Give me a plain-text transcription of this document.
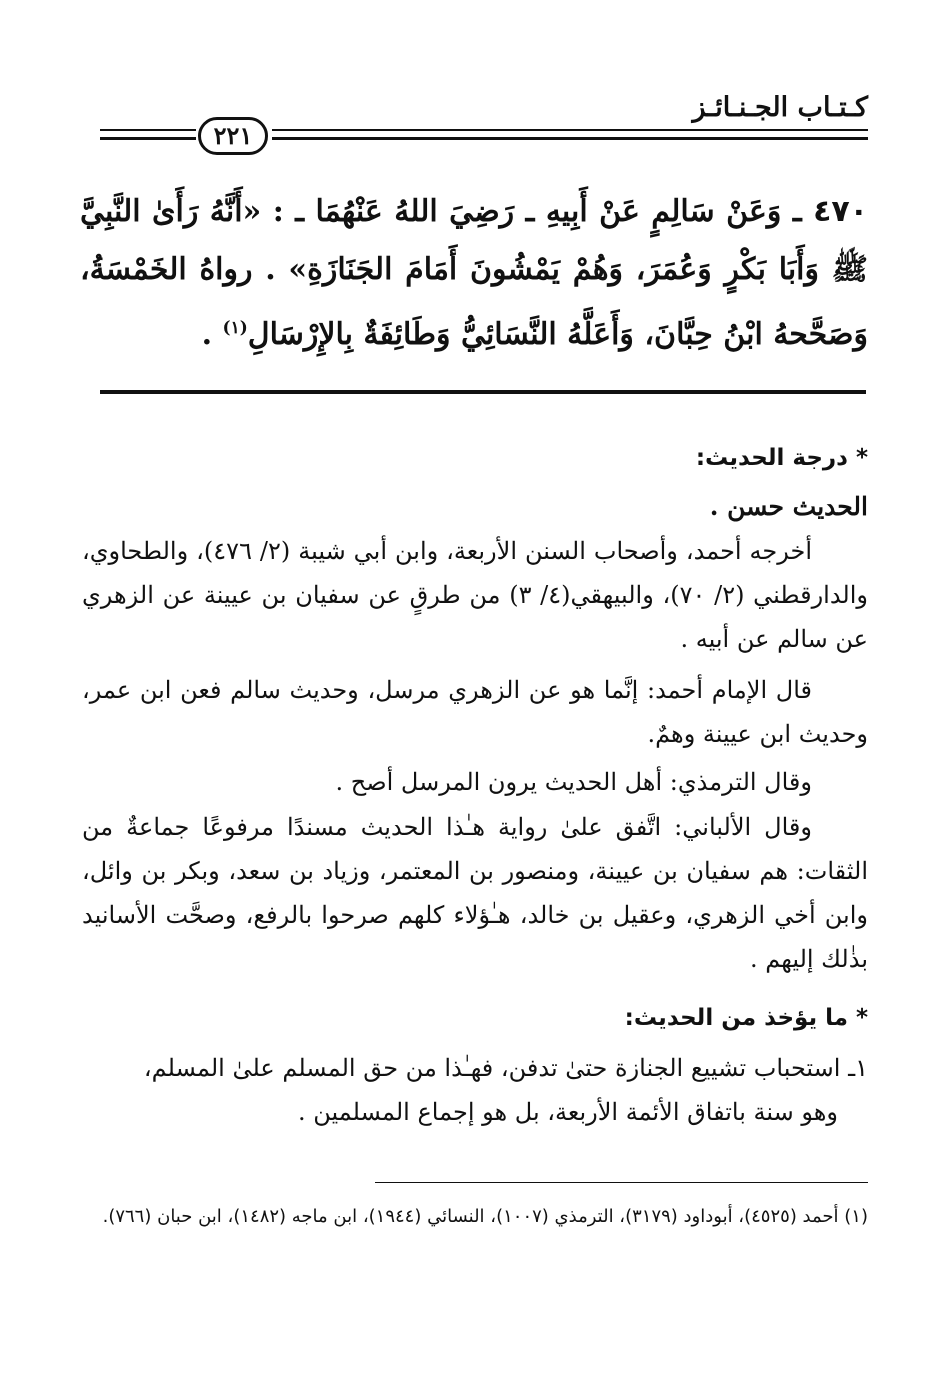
كـتـاب الجـنـائـز
٢٢١
٤٧٠ ـ وَعَنْ سَالِمٍ عَنْ أَبِيهِ ـ رَضِيَ اللهُ عَنْهُمَا ـ : «أَنَّهُ رَأَىٰ النَّبِيَّ ﷺ وَأَبَا بَكْرٍ وَعُمَرَ، وَهُمْ يَمْشُونَ أَمَامَ الجَنَازَةِ» . رواهُ الخَمْسَةُ، وَصَحَّحهُ ابْنُ حِبَّانَ، وَأَعَلَّهُ النَّسَائِيُّ وَطَائِفَةٌ بِالإِرْسَالِ$^{(١)}$ .
* درجة الحديث:
الحديث حسن .
أخرجه أحمد، وأصحاب السنن الأربعة، وابن أبي شيبة (٢/ ٤٧٦)، والطحاوي، والدارقطني (٢/ ٧٠)، والبيهقي(٤/ ٣) من طرقٍ عن سفيان بن عيينة عن الزهري عن سالم عن أبيه .
قال الإمام أحمد: إنَّما هو عن الزهري مرسل، وحديث سالم فعن ابن عمر، وحديث ابن عيينة وهمٌ.
وقال الترمذي: أهل الحديث يرون المرسل أصح .
وقال الألباني: اتَّفق علىٰ رواية هـٰذا الحديث مسندًا مرفوعًا جماعةٌ من الثقات: هم سفيان بن عيينة، ومنصور بن المعتمر، وزياد بن سعد، وبكر بن وائل، وابن أخي الزهري، وعقيل بن خالد، هـٰؤلاء كلهم صرحوا بالرفع، وصحَّت الأسانيد بذٰلك إليهم .
* ما يؤخذ من الحديث:
١ـ استحباب تشييع الجنازة حتىٰ تدفن، فهـٰذا من حق المسلم علىٰ المسلم،
وهو سنة باتفاق الأئمة الأربعة، بل هو إجماع المسلمين .
(١) أحمد (٤٥٢٥)، أبوداود (٣١٧٩)، الترمذي (١٠٠٧)، النسائي (١٩٤٤)، ابن ماجه (١٤٨٢)، ابن حبان (٧٦٦).
